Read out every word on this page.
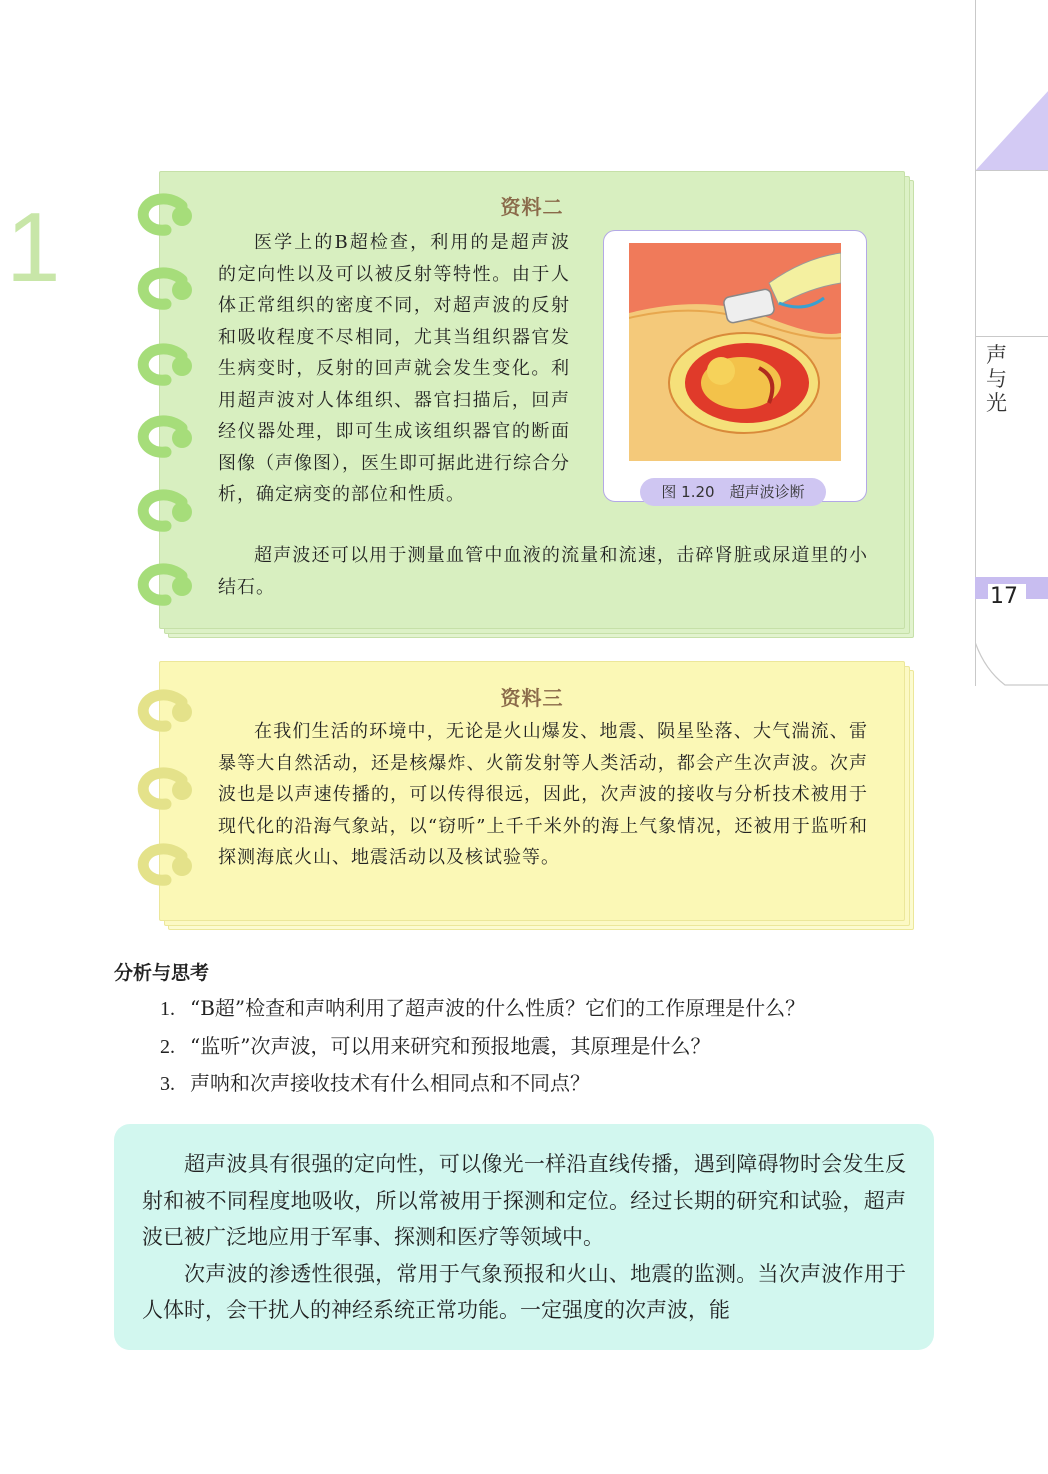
1
声与光
17
资料二

医学上的B超检查，利用的是超声波的定向性以及可以被反射等特性。由于人体正常组织的密度不同，对超声波的反射和吸收程度不尽相同，尤其当组织器官发生病变时，反射的回声就会发生变化。利用超声波对人体组织、器官扫描后，回声经仪器处理，即可生成该组织器官的断面图像（声像图），医生即可据此进行综合分析，确定病变的部位和性质。

超声波还可以用于测量血管中血液的流量和流速，击碎肾脏或尿道里的小结石。

图 1.20　超声波诊断
资料三

在我们生活的环境中，无论是火山爆发、地震、陨星坠落、大气湍流、雷暴等大自然活动，还是核爆炸、火箭发射等人类活动，都会产生次声波。次声波也是以声速传播的，可以传得很远，因此，次声波的接收与分析技术被用于现代化的沿海气象站，以“窃听”上千千米外的海上气象情况，还被用于监听和探测海底火山、地震活动以及核试验等。

分析与思考
1. “B超”检查和声呐利用了超声波的什么性质？它们的工作原理是什么？
2. “监听”次声波，可以用来研究和预报地震，其原理是什么？
3. 声呐和次声接收技术有什么相同点和不同点？

超声波具有很强的定向性，可以像光一样沿直线传播，遇到障碍物时会发生反射和被不同程度地吸收，所以常被用于探测和定位。经过长期的研究和试验，超声波已被广泛地应用于军事、探测和医疗等领域中。

次声波的渗透性很强，常用于气象预报和火山、地震的监测。当次声波作用于人体时，会干扰人的神经系统正常功能。一定强度的次声波，能
